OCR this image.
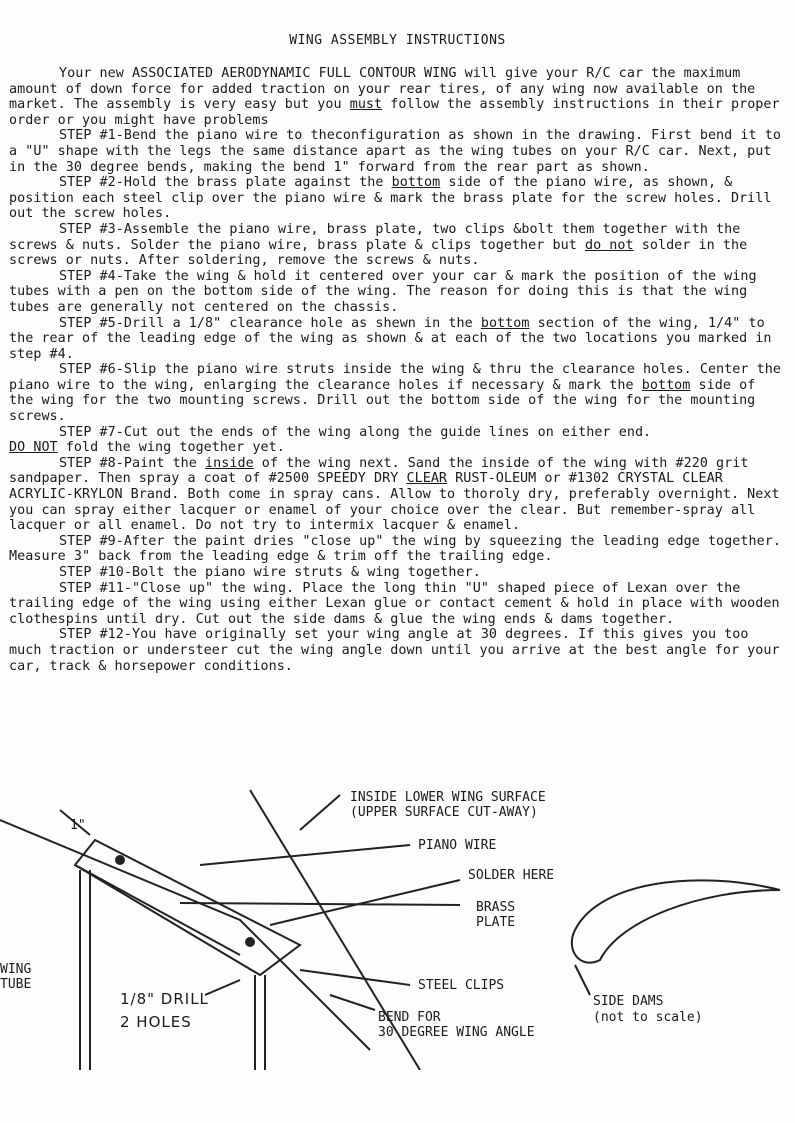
WING ASSEMBLY INSTRUCTIONS

Your new ASSOCIATED AERODYNAMIC FULL CONTOUR WING will give your R/C car the maximum amount of down force for added traction on your rear tires, of any wing now available on the market. The assembly is very easy but you must follow the assembly instructions in their proper order or you might have problems

STEP #1-Bend the piano wire to theconfiguration as shown in the drawing. First bend it to a "U" shape with the legs the same distance apart as the wing tubes on your R/C car. Next, put in the 30 degree bends, making the bend 1" forward from the rear part as shown.

STEP #2-Hold the brass plate against the bottom side of the piano wire, as shown, & position each steel clip over the piano wire & mark the brass plate for the screw holes. Drill out the screw holes.

STEP #3-Assemble the piano wire, brass plate, two clips &bolt them together with the screws & nuts. Solder the piano wire, brass plate & clips together but do not solder in the screws or nuts. After soldering, remove the screws & nuts.

STEP #4-Take the wing & hold it centered over your car & mark the position of the wing tubes with a pen on the bottom side of the wing. The reason for doing this is that the wing tubes are generally not centered on the chassis.

STEP #5-Drill a 1/8" clearance hole as shewn in the bottom section of the wing, 1/4" to the rear of the leading edge of the wing as shown & at each of the two locations you marked in step #4.

STEP #6-Slip the piano wire struts inside the wing & thru the clearance holes. Center the piano wire to the wing, enlarging the clearance holes if necessary & mark the bottom side of the wing for the two mounting screws. Drill out the bottom side of the wing for the mounting screws.

STEP #7-Cut out the ends of the wing along the guide lines on either end.

DO NOT fold the wing together yet.

STEP #8-Paint the inside of the wing next. Sand the inside of the wing with #220 grit sandpaper. Then spray a coat of #2500 SPEEDY DRY CLEAR RUST-OLEUM or #1302 CRYSTAL CLEAR ACRYLIC-KRYLON Brand. Both come in spray cans. Allow to thoroly dry, preferably overnight. Next you can spray either lacquer or enamel of your choice over the clear. But remember-spray all lacquer or all enamel. Do not try to intermix lacquer & enamel.

STEP #9-After the paint dries "close up" the wing by squeezing the leading edge together. Measure 3" back from the leading edge & trim off the trailing edge.

STEP #10-Bolt the piano wire struts & wing together.

STEP #11-"Close up" the wing. Place the long thin "U" shaped piece of Lexan over the trailing edge of the wing using either Lexan glue or contact cement & hold in place with wooden clothespins until dry. Cut out the side dams & glue the wing ends & dams together.

STEP #12-You have originally set your wing angle at 30 degrees. If this gives you too much traction or understeer cut the wing angle down until you arrive at the best angle for your car, track & horsepower conditions.

INSIDE LOWER WING SURFACE
(UPPER SURFACE CUT-AWAY)
PIANO WIRE
SOLDER HERE
BRASS
PLATE
STEEL CLIPS
BEND FOR
30 DEGREE WING ANGLE
1/8" DRILL
2 HOLES
SIDE DAMS
(not to scale)
WING
TUBE
1"
